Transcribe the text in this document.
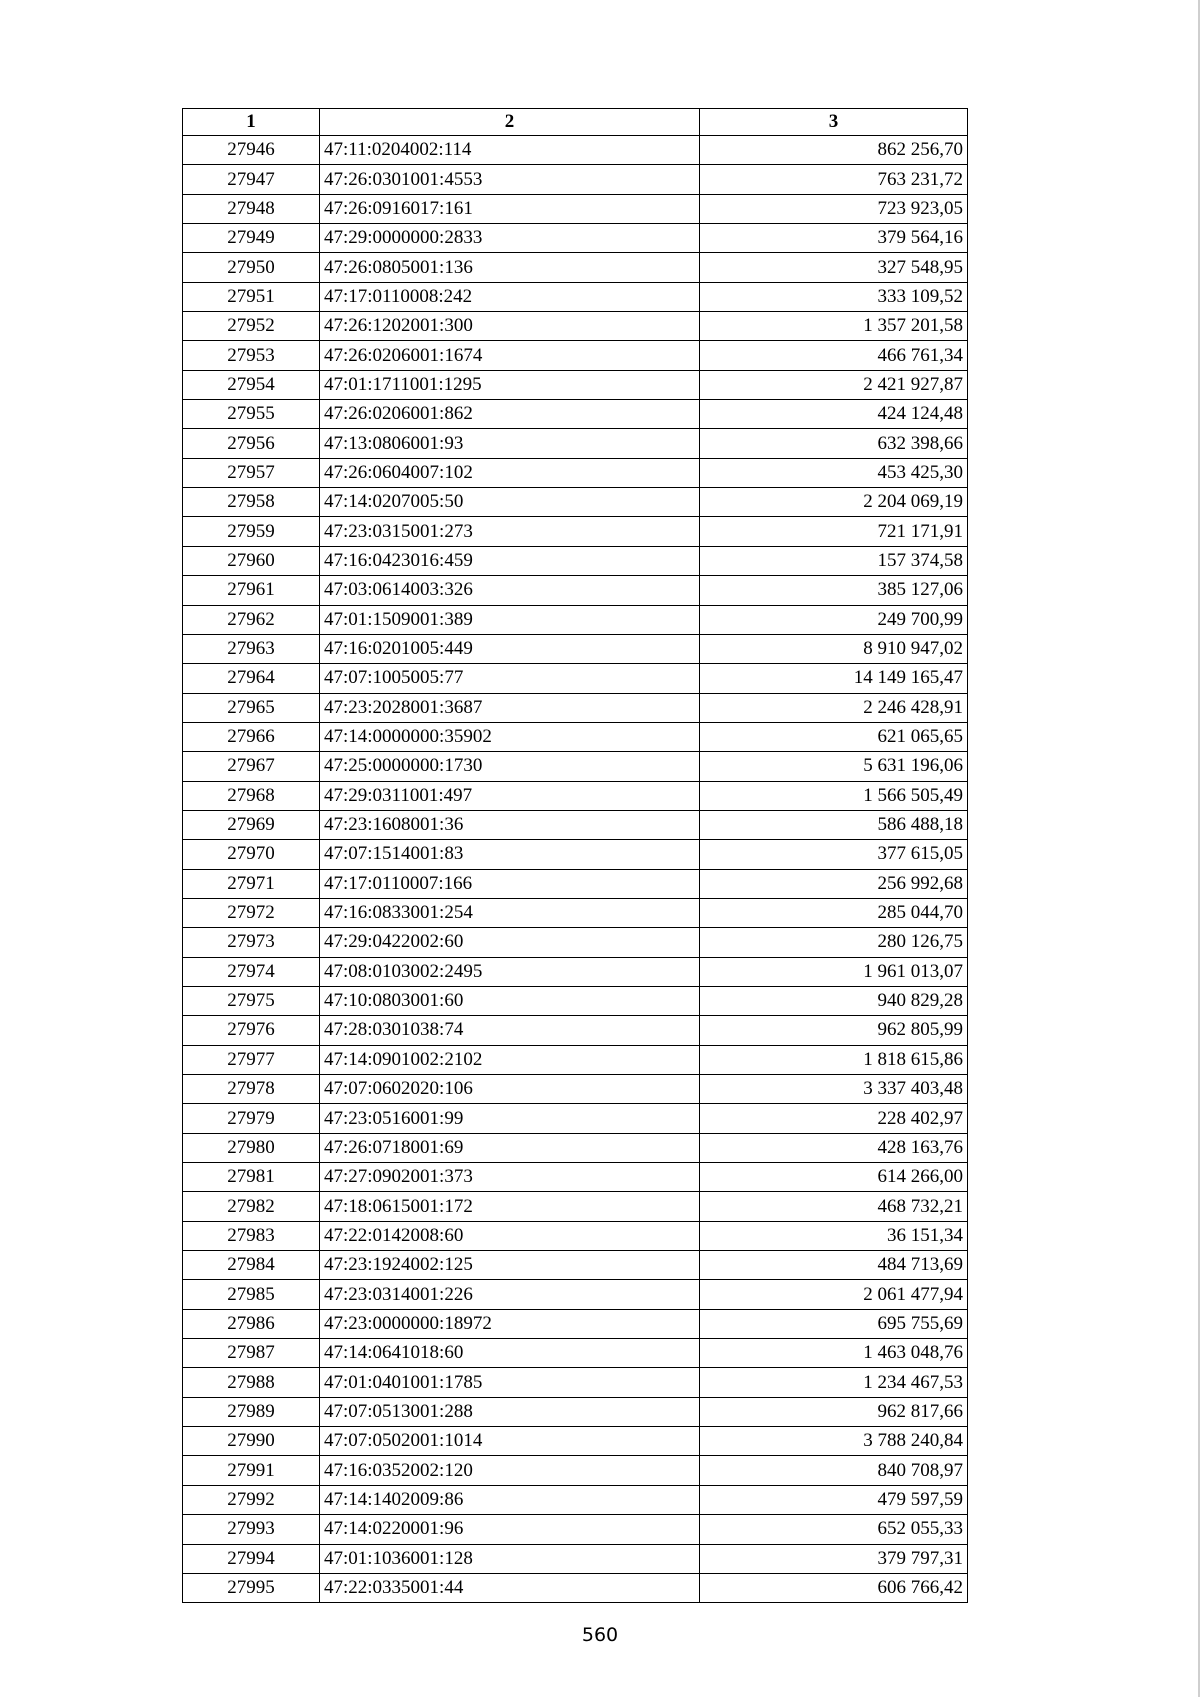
1	2	3
27946	47:11:0204002:114	862 256,70
27947	47:26:0301001:4553	763 231,72
27948	47:26:0916017:161	723 923,05
27949	47:29:0000000:2833	379 564,16
27950	47:26:0805001:136	327 548,95
27951	47:17:0110008:242	333 109,52
27952	47:26:1202001:300	1 357 201,58
27953	47:26:0206001:1674	466 761,34
27954	47:01:1711001:1295	2 421 927,87
27955	47:26:0206001:862	424 124,48
27956	47:13:0806001:93	632 398,66
27957	47:26:0604007:102	453 425,30
27958	47:14:0207005:50	2 204 069,19
27959	47:23:0315001:273	721 171,91
27960	47:16:0423016:459	157 374,58
27961	47:03:0614003:326	385 127,06
27962	47:01:1509001:389	249 700,99
27963	47:16:0201005:449	8 910 947,02
27964	47:07:1005005:77	14 149 165,47
27965	47:23:2028001:3687	2 246 428,91
27966	47:14:0000000:35902	621 065,65
27967	47:25:0000000:1730	5 631 196,06
27968	47:29:0311001:497	1 566 505,49
27969	47:23:1608001:36	586 488,18
27970	47:07:1514001:83	377 615,05
27971	47:17:0110007:166	256 992,68
27972	47:16:0833001:254	285 044,70
27973	47:29:0422002:60	280 126,75
27974	47:08:0103002:2495	1 961 013,07
27975	47:10:0803001:60	940 829,28
27976	47:28:0301038:74	962 805,99
27977	47:14:0901002:2102	1 818 615,86
27978	47:07:0602020:106	3 337 403,48
27979	47:23:0516001:99	228 402,97
27980	47:26:0718001:69	428 163,76
27981	47:27:0902001:373	614 266,00
27982	47:18:0615001:172	468 732,21
27983	47:22:0142008:60	36 151,34
27984	47:23:1924002:125	484 713,69
27985	47:23:0314001:226	2 061 477,94
27986	47:23:0000000:18972	695 755,69
27987	47:14:0641018:60	1 463 048,76
27988	47:01:0401001:1785	1 234 467,53
27989	47:07:0513001:288	962 817,66
27990	47:07:0502001:1014	3 788 240,84
27991	47:16:0352002:120	840 708,97
27992	47:14:1402009:86	479 597,59
27993	47:14:0220001:96	652 055,33
27994	47:01:1036001:128	379 797,31
27995	47:22:0335001:44	606 766,42
560
